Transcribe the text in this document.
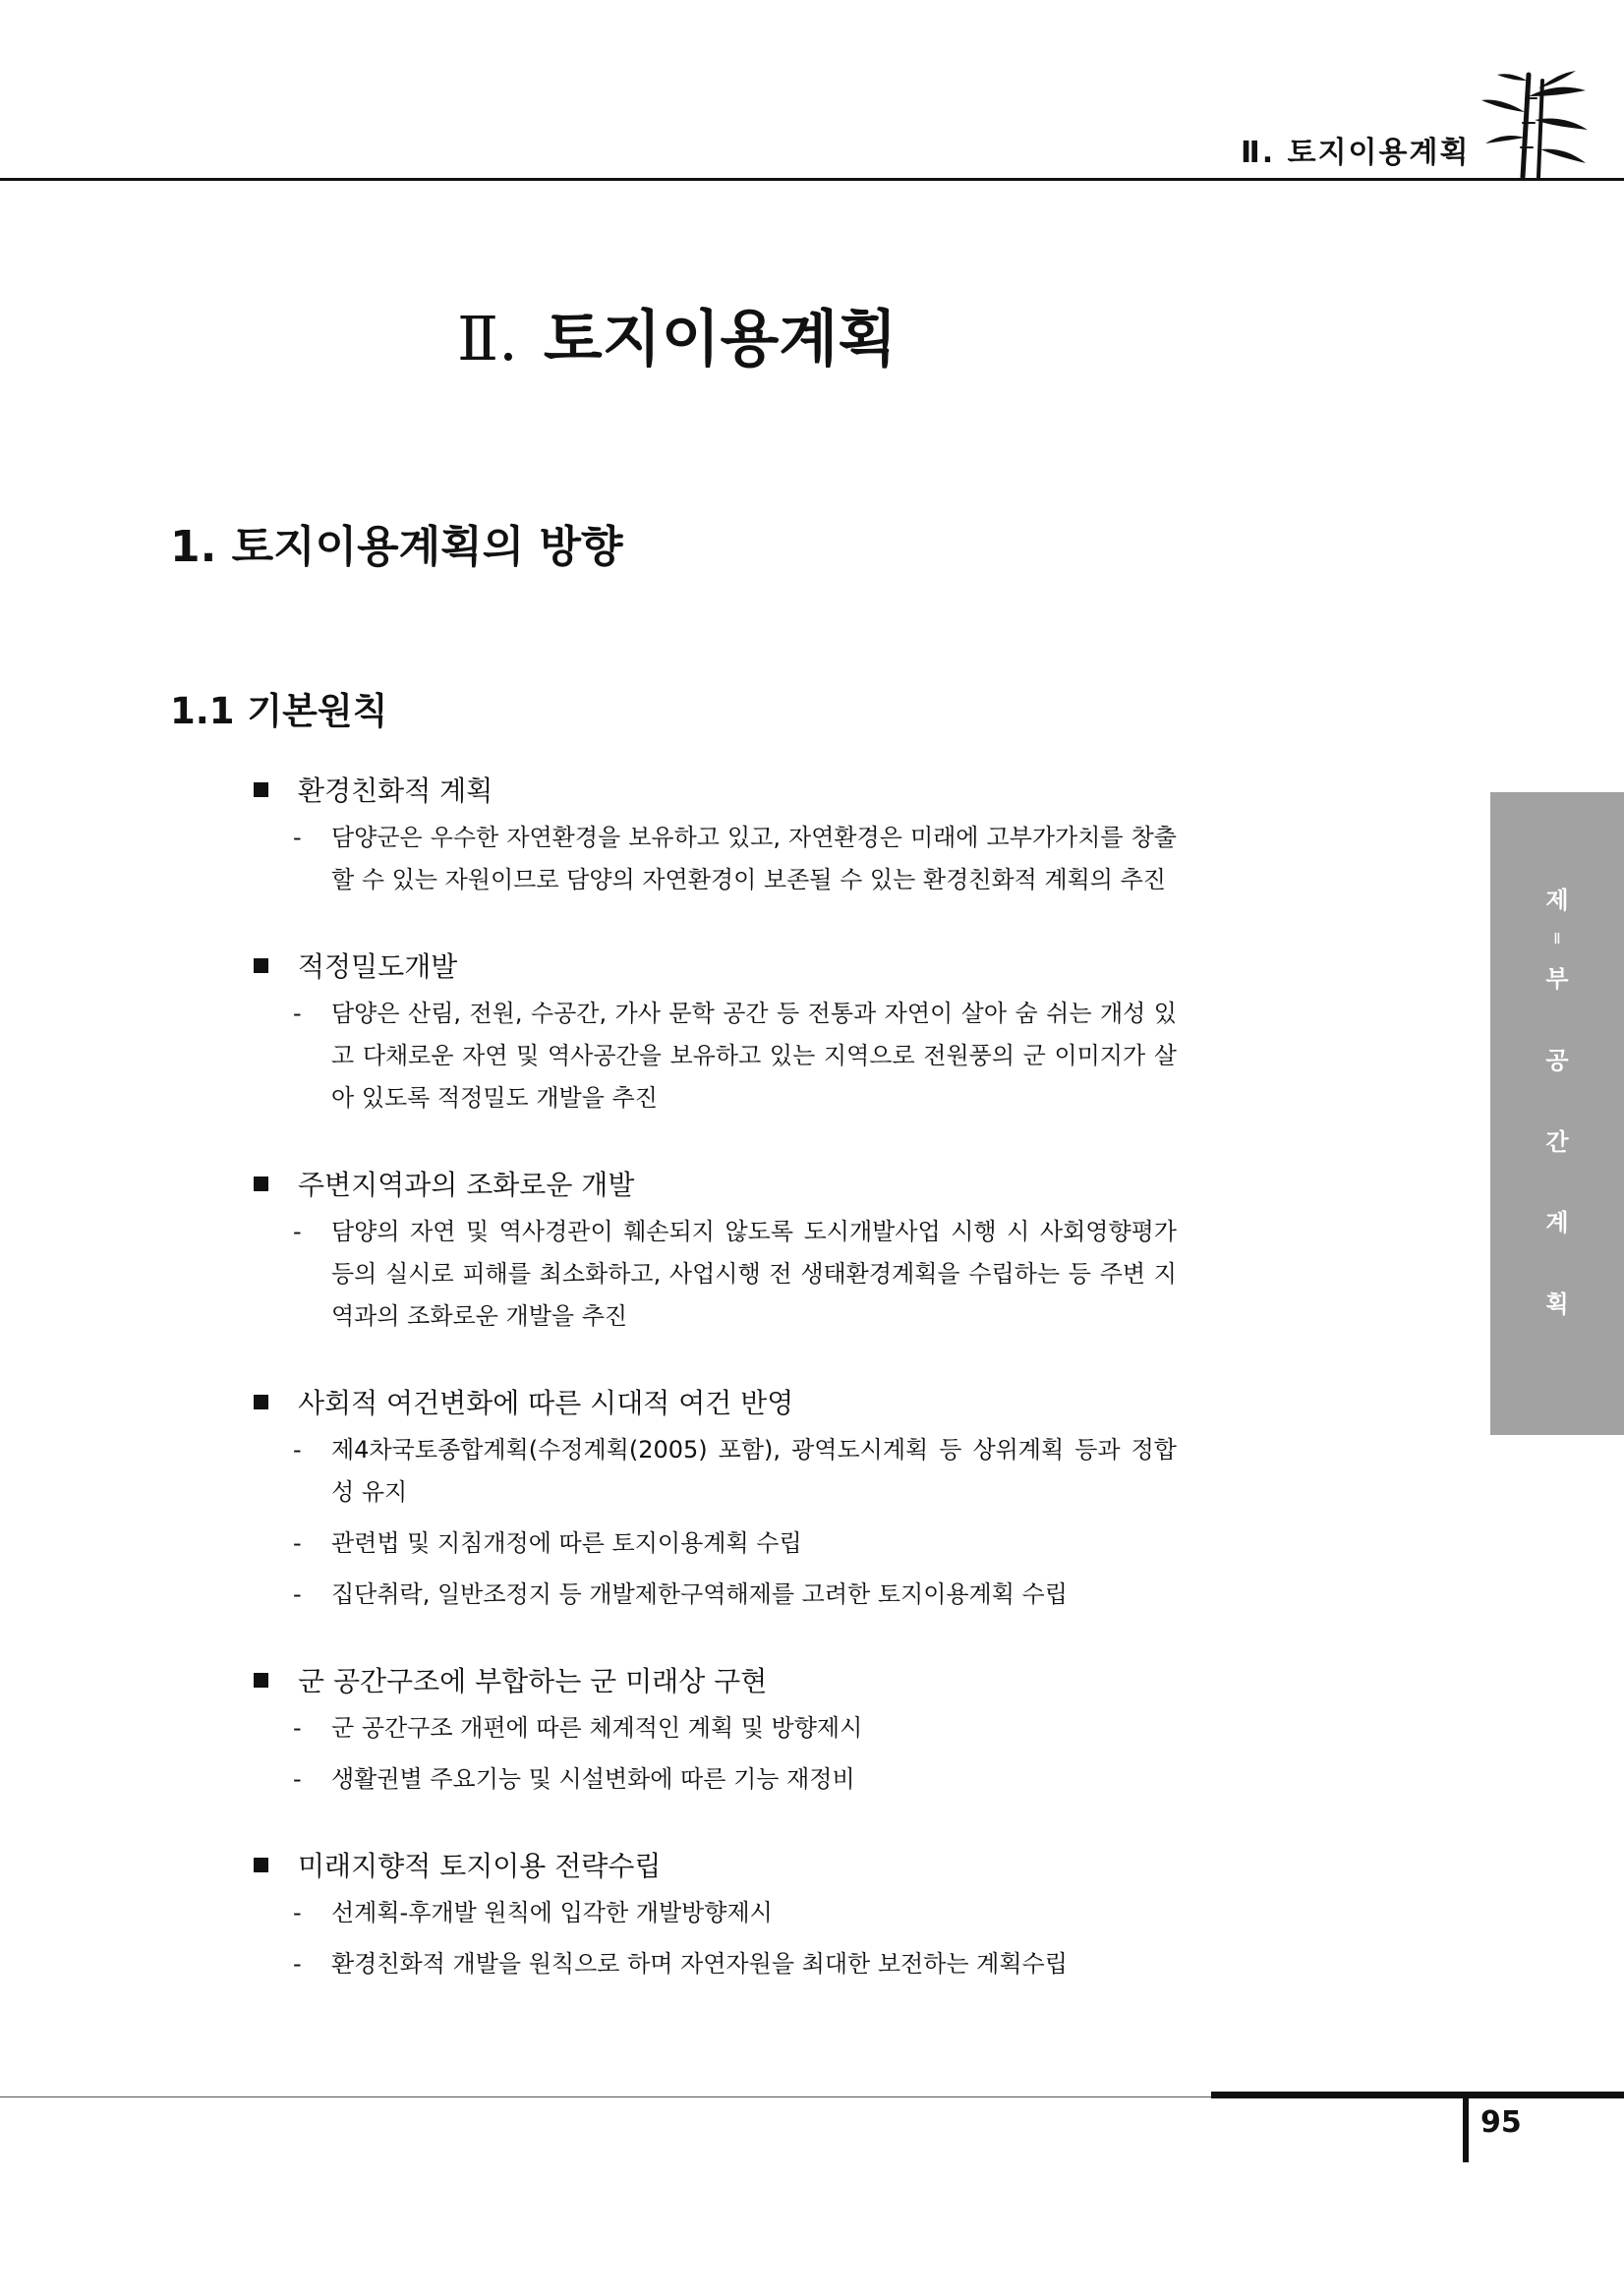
Ⅱ. 토지이용계획
Ⅱ. 토지이용계획
1. 토지이용계획의 방향
1.1 기본원칙
환경친화적 계획
-	담양군은 우수한 자연환경을 보유하고 있고, 자연환경은 미래에 고부가가치를 창출할 수 있는 자원이므로 담양의 자연환경이 보존될 수 있는 환경친화적 계획의 추진
적정밀도개발
-	담양은 산림, 전원, 수공간, 가사 문학 공간 등 전통과 자연이 살아 숨 쉬는 개성 있고 다채로운 자연 및 역사공간을 보유하고 있는 지역으로 전원풍의 군 이미지가 살아 있도록 적정밀도 개발을 추진
주변지역과의 조화로운 개발
-	담양의 자연 및 역사경관이 훼손되지 않도록 도시개발사업 시행 시 사회영향평가 등의 실시로 피해를 최소화하고, 사업시행 전 생태환경계획을 수립하는 등 주변 지역과의 조화로운 개발을 추진
사회적 여건변화에 따른 시대적 여건 반영
-	제4차국토종합계획(수정계획(2005) 포함), 광역도시계획 등 상위계획 등과 정합성 유지
-	관련법 및 지침개정에 따른 토지이용계획 수립
-	집단취락, 일반조정지 등 개발제한구역해제를 고려한 토지이용계획 수립
군 공간구조에 부합하는 군 미래상 구현
-	군 공간구조 개편에 따른 체계적인 계획 및 방향제시
-	생활권별 주요기능 및 시설변화에 따른 기능 재정비
미래지향적 토지이용 전략수립
-	선계획-후개발 원칙에 입각한 개발방향제시
-	환경친화적 개발을 원칙으로 하며 자연자원을 최대한 보전하는 계획수립
제
Ⅱ
부
공
간
계
획
95
